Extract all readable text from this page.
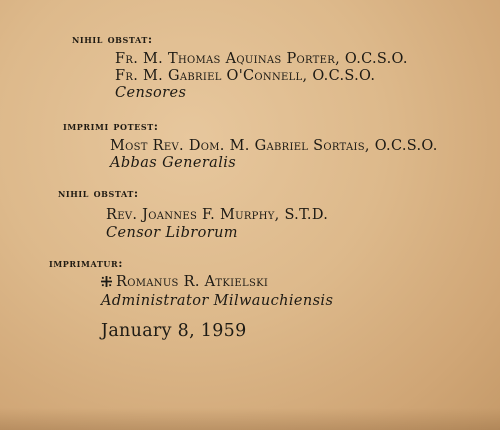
nihil obstat:
Fr. M. Thomas Aquinas Porter, O.C.S.O.
Fr. M. Gabriel O'Connell, O.C.S.O.
Censores
imprimi potest:
Most Rev. Dom. M. Gabriel Sortais, O.C.S.O.
Abbas Generalis
nihil obstat:
Rev. Joannes F. Murphy, S.T.D.
Censor Librorum
imprimatur:
Romanus R. Atkielski
Administrator Milwauchiensis
January 8, 1959
